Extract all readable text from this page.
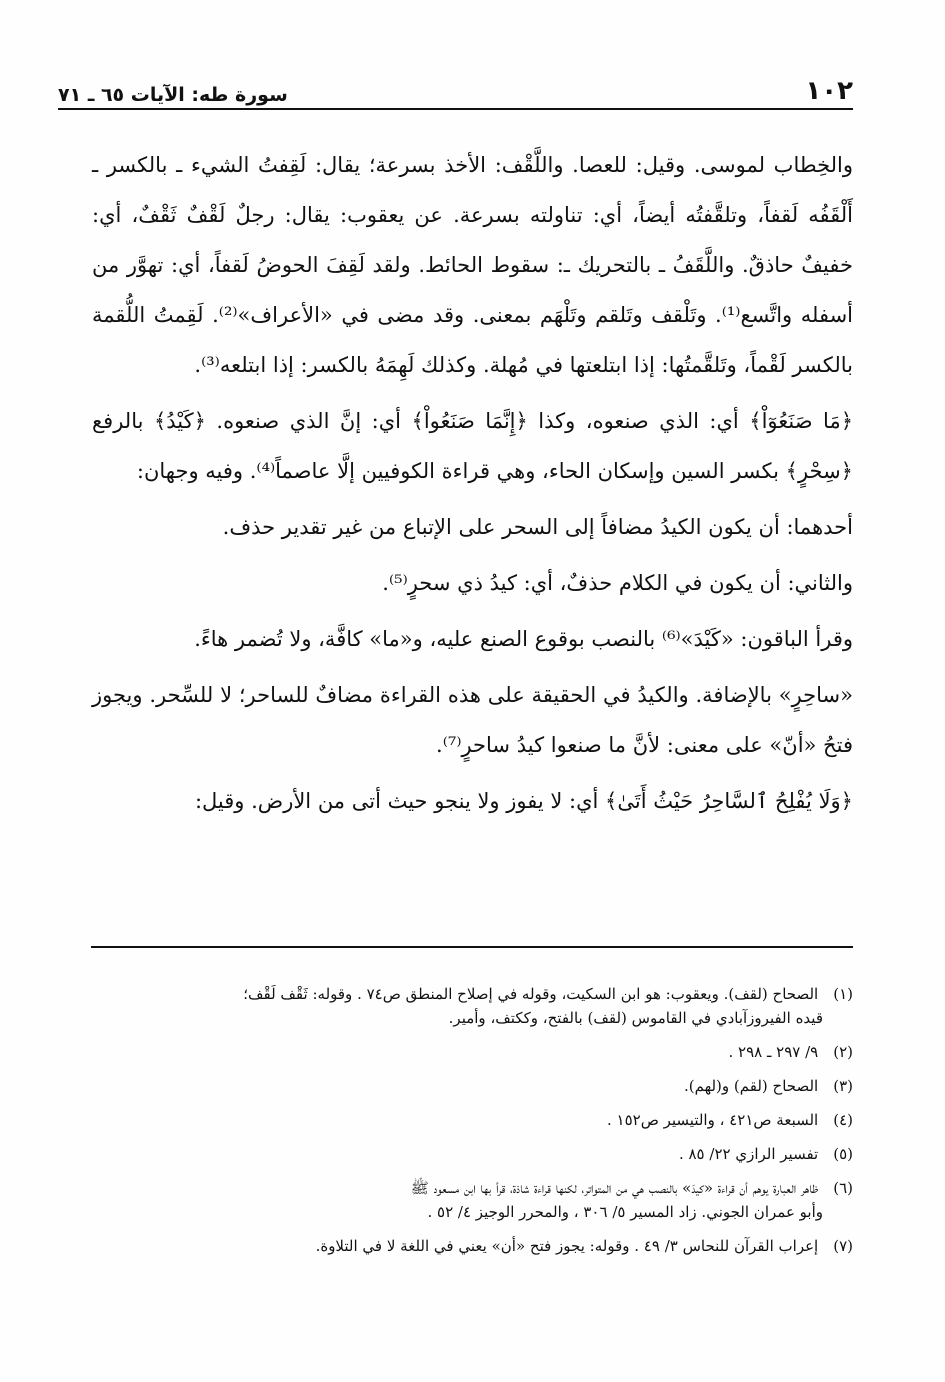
١٠٢
سورة طه: الآيات ٦٥ ـ ٧١

والخِطاب لموسى. وقيل: للعصا. واللَّقْف: الأخذ بسرعة؛ يقال: لَقِفتُ الشيء ـ بالكسر ـ أَلْقَفُه لَقفاً، وتلقَّفتُه أيضاً، أي: تناولته بسرعة. عن يعقوب: يقال: رجلٌ لَقْفٌ ثَقْفٌ، أي: خفيفٌ حاذقٌ. واللَّقَفُ ـ بالتحريك ـ: سقوط الحائط. ولقد لَقِفَ الحوضُ لَقفاً، أي: تهوَّر من أسفله واتَّسع⁽¹⁾. وتَلْقف وتَلقم وتَلْهَم بمعنى. وقد مضى في «الأعراف»⁽²⁾. لَقِمتُ اللُّقمة بالكسر لَقْماً، وتَلقَّمتُها: إذا ابتلعتها في مُهلة. وكذلك لَهِمَهُ بالكسر: إذا ابتلعه⁽³⁾.

﴿مَا صَنَعُوٓاْ﴾ أي: الذي صنعوه، وكذا ﴿إِنَّمَا صَنَعُواْ﴾ أي: إنَّ الذي صنعوه. ﴿كَيْدُ﴾ بالرفع ﴿سِحْرٍ﴾ بكسر السين وإسكان الحاء، وهي قراءة الكوفيين إلَّا عاصماً⁽⁴⁾. وفيه وجهان:

أحدهما: أن يكون الكيدُ مضافاً إلى السحر على الإتباع من غير تقدير حذف.

والثاني: أن يكون في الكلام حذفٌ، أي: كيدُ ذي سحرٍ⁽⁵⁾.

وقرأ الباقون: «كَيْدَ»⁽⁶⁾ بالنصب بوقوع الصنع عليه، و«ما» كافَّة، ولا تُضمر هاءً.

«ساحِرٍ» بالإضافة. والكيدُ في الحقيقة على هذه القراءة مضافٌ للساحر؛ لا للسِّحر. ويجوز فتحُ «أنّ» على معنى: لأنَّ ما صنعوا كيدُ ساحرٍ⁽⁷⁾.

﴿وَلَا يُفْلِحُ ٱلسَّاحِرُ حَيْثُ أَتَىٰ﴾ أي: لا يفوز ولا ينجو حيث أتى من الأرض. وقيل:

(١) الصحاح (لقف). ويعقوب: هو ابن السكيت، وقوله في إصلاح المنطق ص٧٤ . وقوله: ثَقْف لَقْف؛
قيده الفيروزآبادي في القاموس (لقف) بالفتح، وككتف، وأمير.
(٢) ٩/ ٢٩٧ ـ ٢٩٨ .
(٣) الصحاح (لقم) و(لهم).
(٤) السبعة ص٤٢١ ، والتيسير ص١٥٢ .
(٥) تفسير الرازي ٢٢/ ٨٥ .
(٦) ظاهر العبارة يوهم أن قراءة «كيدَ» بالنصب هي من المتواتر، لكنها قراءة شاذة، قرأ بها ابن مسعود ﷺ
وأبو عمران الجوني. زاد المسير ٥/ ٣٠٦ ، والمحرر الوجيز ٤/ ٥٢ .
(٧) إعراب القرآن للنحاس ٣/ ٤٩ . وقوله: يجوز فتح «أن» يعني في اللغة لا في التلاوة.
